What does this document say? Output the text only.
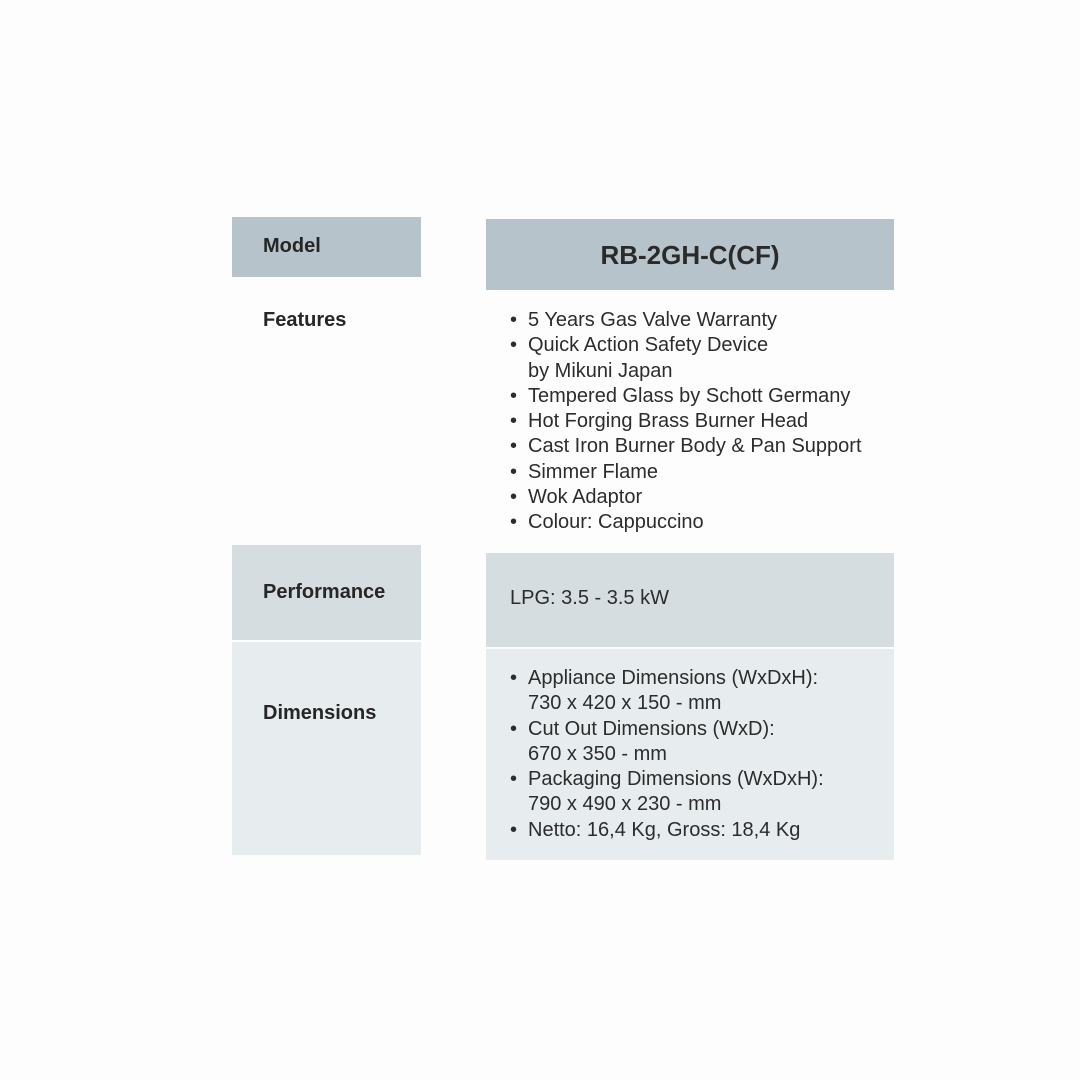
Model	RB-2GH-C(CF)
Features
•	5 Years Gas Valve Warranty
• Quick Action Safety Device
by Mikuni Japan
• Tempered Glass by Schott Germany
• Hot Forging Brass Burner Head
• Cast Iron Burner Body & Pan Support
• Simmer Flame
• Wok Adaptor
• Colour: Cappuccino
Performance	LPG: 3.5 - 3.5 kW
Dimensions
• Appliance Dimensions (WxDxH):
730 x 420 x 150 - mm
• Cut Out Dimensions (WxD):
670 x 350 - mm
• Packaging Dimensions (WxDxH):
790 x 490 x 230 - mm
• Netto: 16,4 Kg, Gross: 18,4 Kg
